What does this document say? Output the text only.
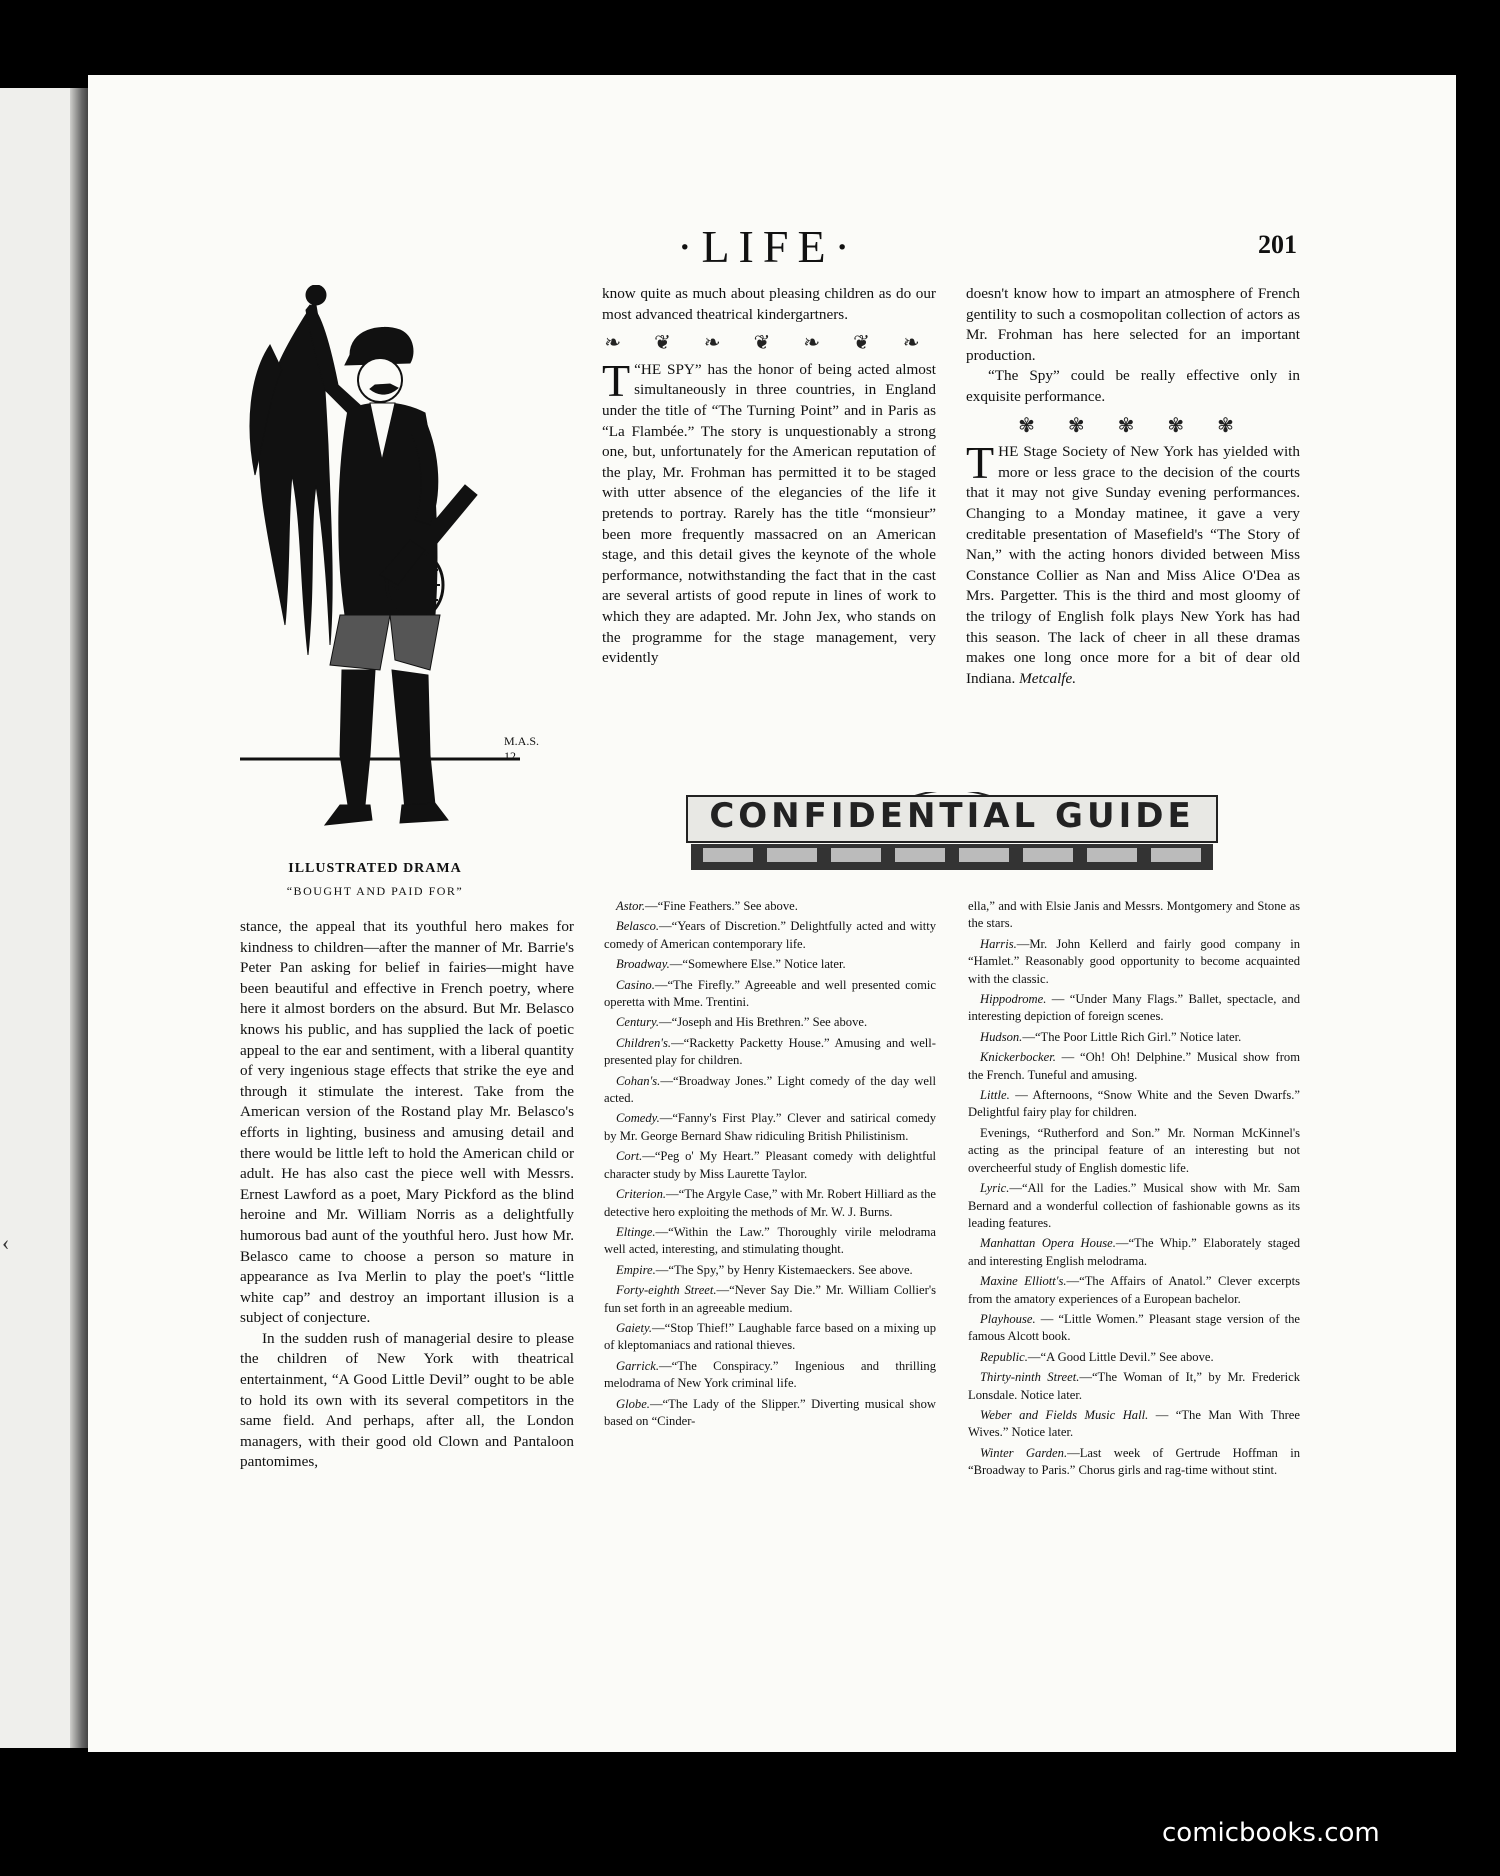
‹
·LIFE·	201
M.A.S.
12
ILLUSTRATED DRAMA
“BOUGHT AND PAID FOR”

stance, the appeal that its youthful hero makes for kindness to children—after the manner of Mr. Barrie's Peter Pan asking for belief in fairies—might have been beautiful and effective in French poetry, where here it almost borders on the absurd. But Mr. Belasco knows his public, and has supplied the lack of poetic appeal to the ear and sentiment, with a liberal quantity of very ingenious stage effects that strike the eye and through it stimulate the interest. Take from the American version of the Rostand play Mr. Belasco's efforts in lighting, business and amusing detail and there would be little left to hold the American child or adult. He has also cast the piece well with Messrs. Ernest Lawford as a poet, Mary Pickford as the blind heroine and Mr. William Norris as a delightfully humorous bad aunt of the youthful hero. Just how Mr. Belasco came to choose a person so mature in appearance as Iva Merlin to play the poet's “little white cap” and destroy an important illusion is a subject of conjecture.

In the sudden rush of managerial desire to please the children of New York with theatrical entertainment, “A Good Little Devil” ought to be able to hold its own with its several competitors in the same field. And perhaps, after all, the London managers, with their good old Clown and Pantaloon pantomimes,

know quite as much about pleasing children as do our most advanced theatrical kindergartners.

❧ ❦ ❧ ❦ ❧ ❦ ❧

“
T HE SPY” has the honor of being acted almost simultaneously in three countries, in England under the title of “The Turning Point” and in Paris as “La Flambée.” The story is unquestionably a strong one, but, unfortunately for the American reputation of the play, Mr. Frohman has permitted it to be staged with utter absence of the elegancies of the life it pretends to portray. Rarely has the title “monsieur” been more frequently massacred on an American stage, and this detail gives the keynote of the whole performance, notwithstanding the fact that in the cast are several artists of good repute in lines of work to which they are adapted. Mr. John Jex, who stands on the programme for the stage management, very evidently

doesn't know how to impart an atmosphere of French gentility to such a cosmopolitan collection of actors as Mr. Frohman has here selected for an important production.

“The Spy” could be really effective only in exquisite performance.

✾ ✾ ✾ ✾ ✾

THE Stage Society of New York has yielded with more or less grace to the decision of the courts that it may not give Sunday evening performances. Changing to a Monday matinee, it gave a very creditable presentation of Masefield's “The Story of Nan,” with the acting honors divided between Miss Constance Collier as Nan and Miss Alice O'Dea as Mrs. Pargetter. This is the third and most gloomy of the trilogy of English folk plays New York has had this season. The lack of cheer in all these dramas makes one long once more for a bit of dear old Indiana. Metcalfe.

CONFIDENTIAL GUIDE

Astor.—“Fine Feathers.” See above.

Belasco.—“Years of Discretion.” Delightfully acted and witty comedy of American contemporary life.

Broadway.—“Somewhere Else.” Notice later.

Casino.—“The Firefly.” Agreeable and well presented comic operetta with Mme. Trentini.

Century.—“Joseph and His Brethren.” See above.

Children's.—“Racketty Packetty House.” Amusing and well-presented play for children.

Cohan's.—“Broadway Jones.” Light comedy of the day well acted.

Comedy.—“Fanny's First Play.” Clever and satirical comedy by Mr. George Bernard Shaw ridiculing British Philistinism.

Cort.—“Peg o' My Heart.” Pleasant comedy with delightful character study by Miss Laurette Taylor.

Criterion.—“The Argyle Case,” with Mr. Robert Hilliard as the detective hero exploiting the methods of Mr. W. J. Burns.

Eltinge.—“Within the Law.” Thoroughly virile melodrama well acted, interesting, and stimulating thought.

Empire.—“The Spy,” by Henry Kistemaeckers. See above.

Forty-eighth Street.—“Never Say Die.” Mr. William Collier's fun set forth in an agreeable medium.

Gaiety.—“Stop Thief!” Laughable farce based on a mixing up of kleptomaniacs and rational thieves.

Garrick.—“The Conspiracy.” Ingenious and thrilling melodrama of New York criminal life.

Globe.—“The Lady of the Slipper.” Diverting musical show based on “Cinder-

ella,” and with Elsie Janis and Messrs. Montgomery and Stone as the stars.

Harris.—Mr. John Kellerd and fairly good company in “Hamlet.” Reasonably good opportunity to become acquainted with the classic.

Hippodrome. — “Under Many Flags.” Ballet, spectacle, and interesting depiction of foreign scenes.

Hudson.—“The Poor Little Rich Girl.” Notice later.

Knickerbocker. — “Oh! Oh! Delphine.” Musical show from the French. Tuneful and amusing.

Little. — Afternoons, “Snow White and the Seven Dwarfs.” Delightful fairy play for children.

Evenings, “Rutherford and Son.” Mr. Norman McKinnel's acting as the principal feature of an interesting but not overcheerful study of English domestic life.

Lyric.—“All for the Ladies.” Musical show with Mr. Sam Bernard and a wonderful collection of fashionable gowns as its leading features.

Manhattan Opera House.—“The Whip.” Elaborately staged and interesting English melodrama.

Maxine Elliott's.—“The Affairs of Anatol.” Clever excerpts from the amatory experiences of a European bachelor.

Playhouse. — “Little Women.” Pleasant stage version of the famous Alcott book.

Republic.—“A Good Little Devil.” See above.

Thirty-ninth Street.—“The Woman of It,” by Mr. Frederick Lonsdale. Notice later.

Weber and Fields Music Hall. — “The Man With Three Wives.” Notice later.

Winter Garden.—Last week of Gertrude Hoffman in “Broadway to Paris.” Chorus girls and rag-time without stint.

comicbooks.com
